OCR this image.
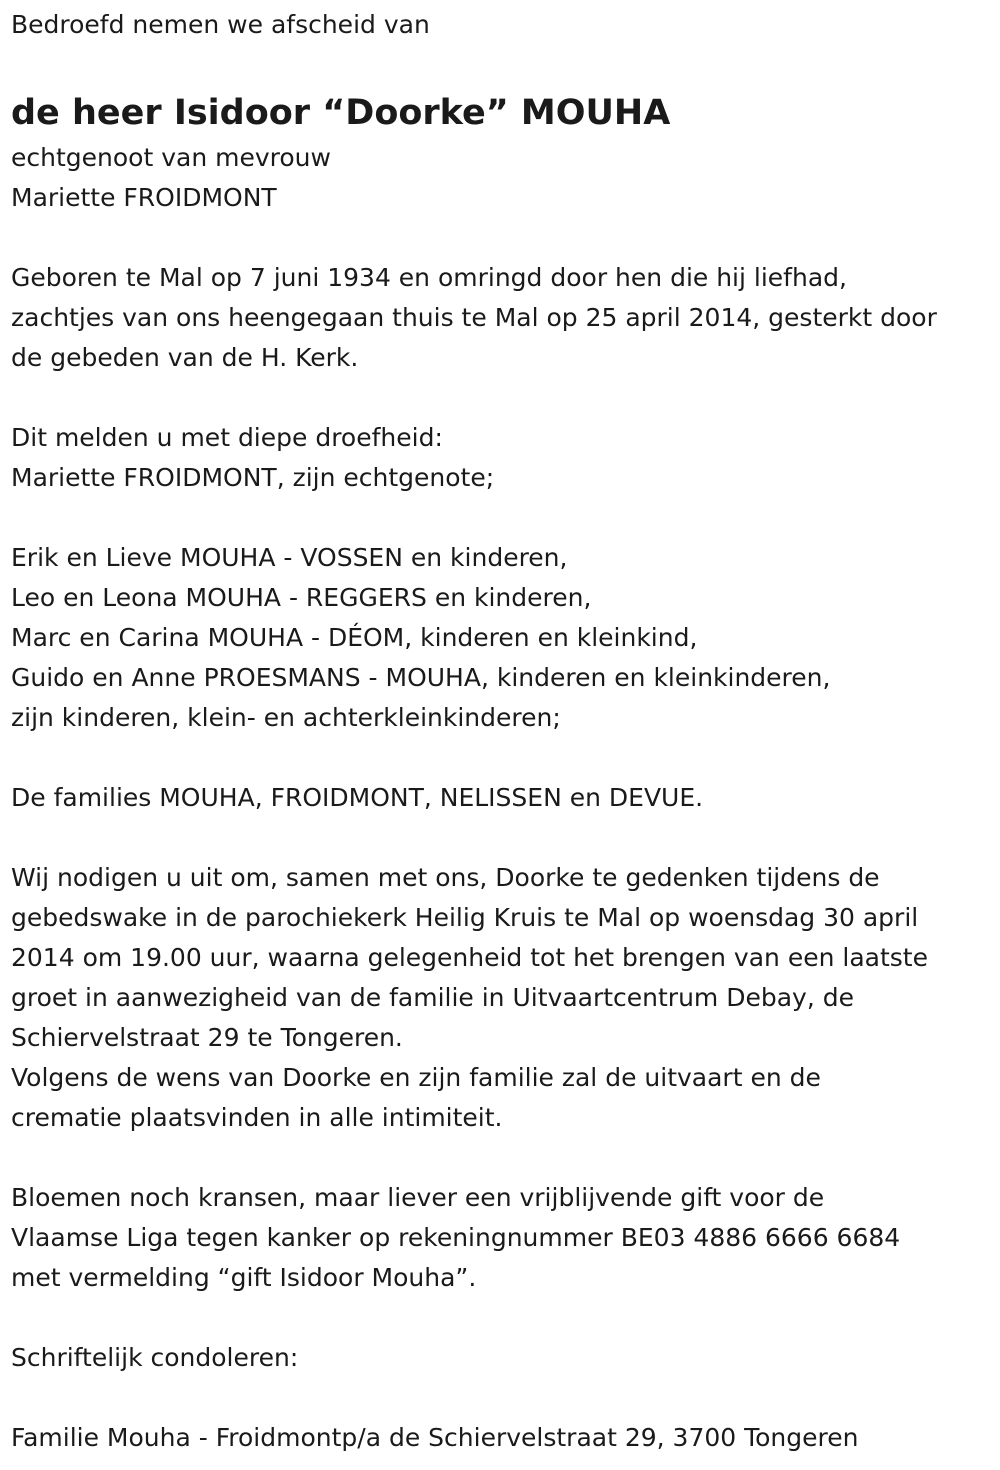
Bedroefd nemen we afscheid van
de heer Isidoor “Doorke” MOUHA
echtgenoot van mevrouw
Mariette FROIDMONT
Geboren te Mal op 7 juni 1934 en omringd door hen die hij liefhad,
zachtjes van ons heengegaan thuis te Mal op 25 april 2014, gesterkt door
de gebeden van de H. Kerk.
Dit melden u met diepe droefheid:
Mariette FROIDMONT, zijn echtgenote;
Erik en Lieve MOUHA - VOSSEN en kinderen,
Leo en Leona MOUHA - REGGERS en kinderen,
Marc en Carina MOUHA - DÉOM, kinderen en kleinkind,
Guido en Anne PROESMANS - MOUHA, kinderen en kleinkinderen,
zijn kinderen, klein- en achterkleinkinderen;
De families MOUHA, FROIDMONT, NELISSEN en DEVUE.
Wij nodigen u uit om, samen met ons, Doorke te gedenken tijdens de
gebedswake in de parochiekerk Heilig Kruis te Mal op woensdag 30 april
2014 om 19.00 uur, waarna gelegenheid tot het brengen van een laatste
groet in aanwezigheid van de familie in Uitvaartcentrum Debay, de
Schiervelstraat 29 te Tongeren.
Volgens de wens van Doorke en zijn familie zal de uitvaart en de
crematie plaatsvinden in alle intimiteit.
Bloemen noch kransen, maar liever een vrijblijvende gift voor de
Vlaamse Liga tegen kanker op rekeningnummer BE03 4886 6666 6684
met vermelding “gift Isidoor Mouha”.
Schriftelijk condoleren:
Familie Mouha - Froidmontp/a de Schiervelstraat 29, 3700 Tongeren
